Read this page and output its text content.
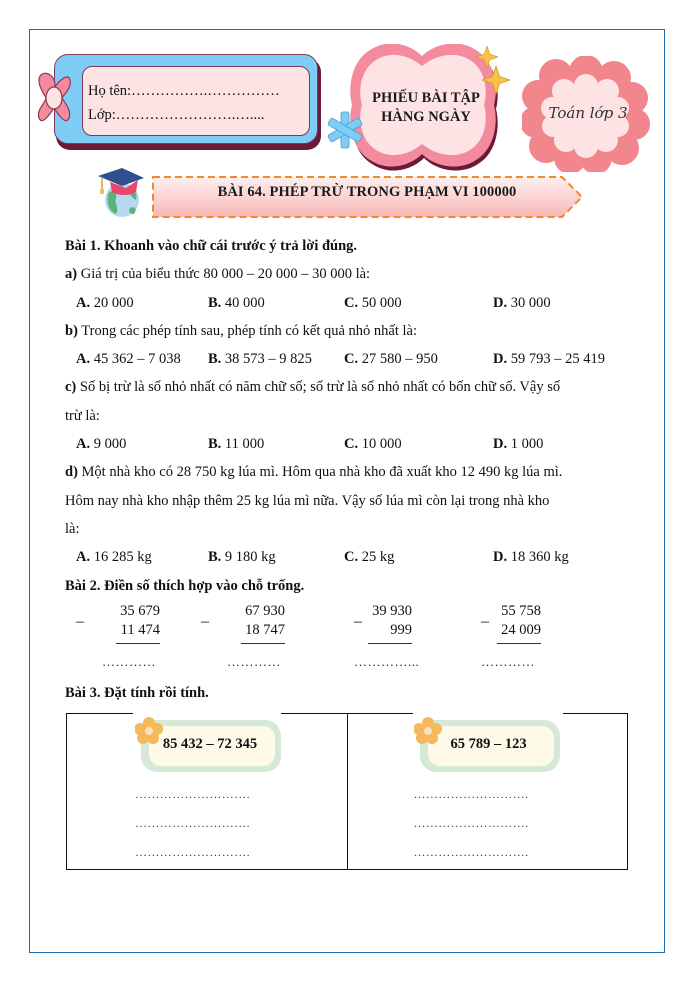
Họ tên:…………….……………
Lớp:…………………….…....
PHIẾU BÀI TẬP
HÀNG NGÀY	Toán lớp 3
BÀI 64. PHÉP TRỪ TRONG PHẠM VI 100000
Bài 1. Khoanh vào chữ cái trước ý trả lời đúng.
a) Giá trị của biểu thức 80 000 – 20 000 – 30 000 là:
A. 20 000	B. 40 000	C. 50 000	D. 30 000
b) Trong các phép tính sau, phép tính có kết quả nhỏ nhất là:
A. 45 362 – 7 038 B. 38 573 – 9 825 C. 27 580 – 950	D. 59 793 – 25 419
c) Số bị trừ là số nhỏ nhất có năm chữ số; số trừ là số nhỏ nhất có bốn chữ số. Vậy số
trừ là:
A. 9 000	B. 11 000	C. 10 000	D. 1 000
d) Một nhà kho có 28 750 kg lúa mì. Hôm qua nhà kho đã xuất kho 12 490 kg lúa mì.
Hôm nay nhà kho nhập thêm 25 kg lúa mì nữa. Vậy số lúa mì còn lại trong nhà kho
là:
A. 16 285 kg	B. 9 180 kg	C. 25 kg	D. 18 360 kg
Bài 2. Điền số thích hợp vào chỗ trống.
–
35 679
11 474
…………
–
67 930
18 747
…………
–
39 930
999
…………...
–
55 758
24 009
…………
Bài 3. Đặt tính rồi tính.
85 432 – 72 345
……………………….
……………………….
……………………….
65 789 – 123
……………………….
……………………….
……………………….
